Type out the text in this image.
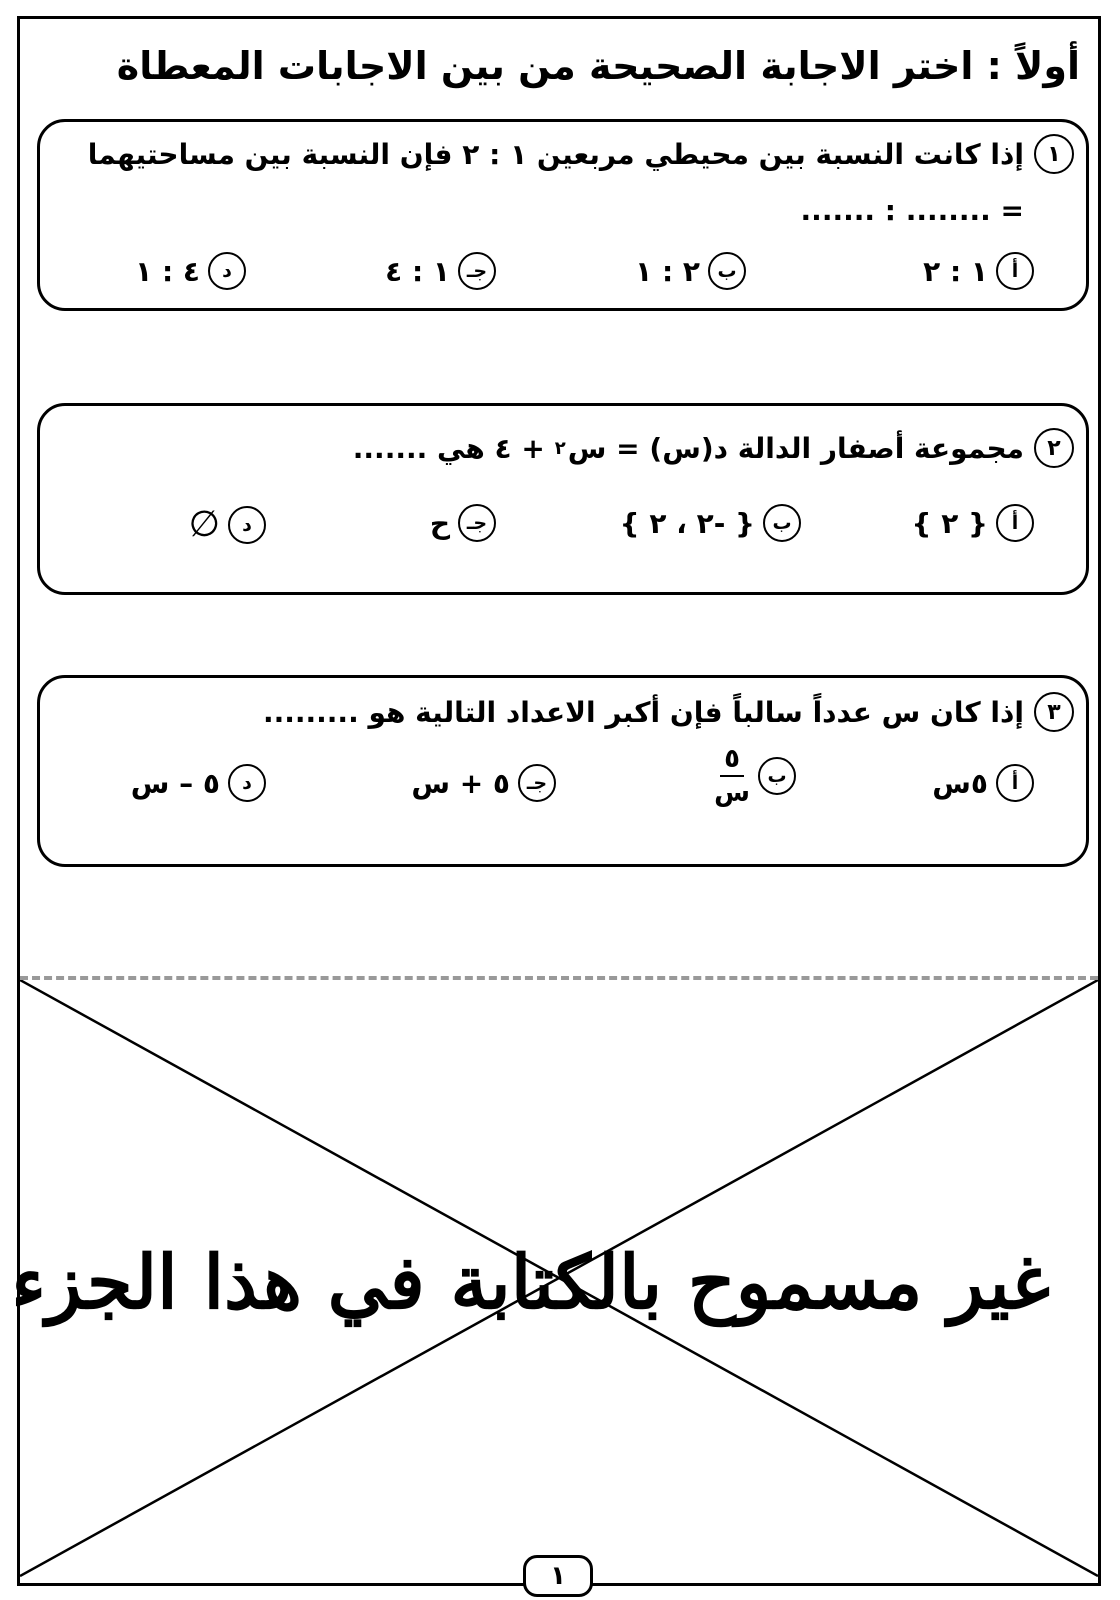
أولاً : اختر الاجابة الصحيحة من بين الاجابات المعطاة
١
إذا كانت النسبة بين محيطي مربعين ١ : ٢ فإن النسبة بين مساحتيهما
= ........ : .......
أ
١ : ٢
ب
٢ : ١
جـ
١ : ٤
د
٤ : ١
٢
مجموعة أصفار الدالة د(س) = س
٢
+ ٤ هي .......
أ
{ ٢ }
ب
{ -٢ ، ٢ }
جـ
ح
د
∅
٣
إذا كان س عدداً سالباً فإن أكبر الاعداد التالية هو .........
أ
٥س
ب
$\frac{٥}{\text{س}}$
جـ
٥ + س
د
٥ – س
غير مسموح بالكتابة في هذا الجزء
١
